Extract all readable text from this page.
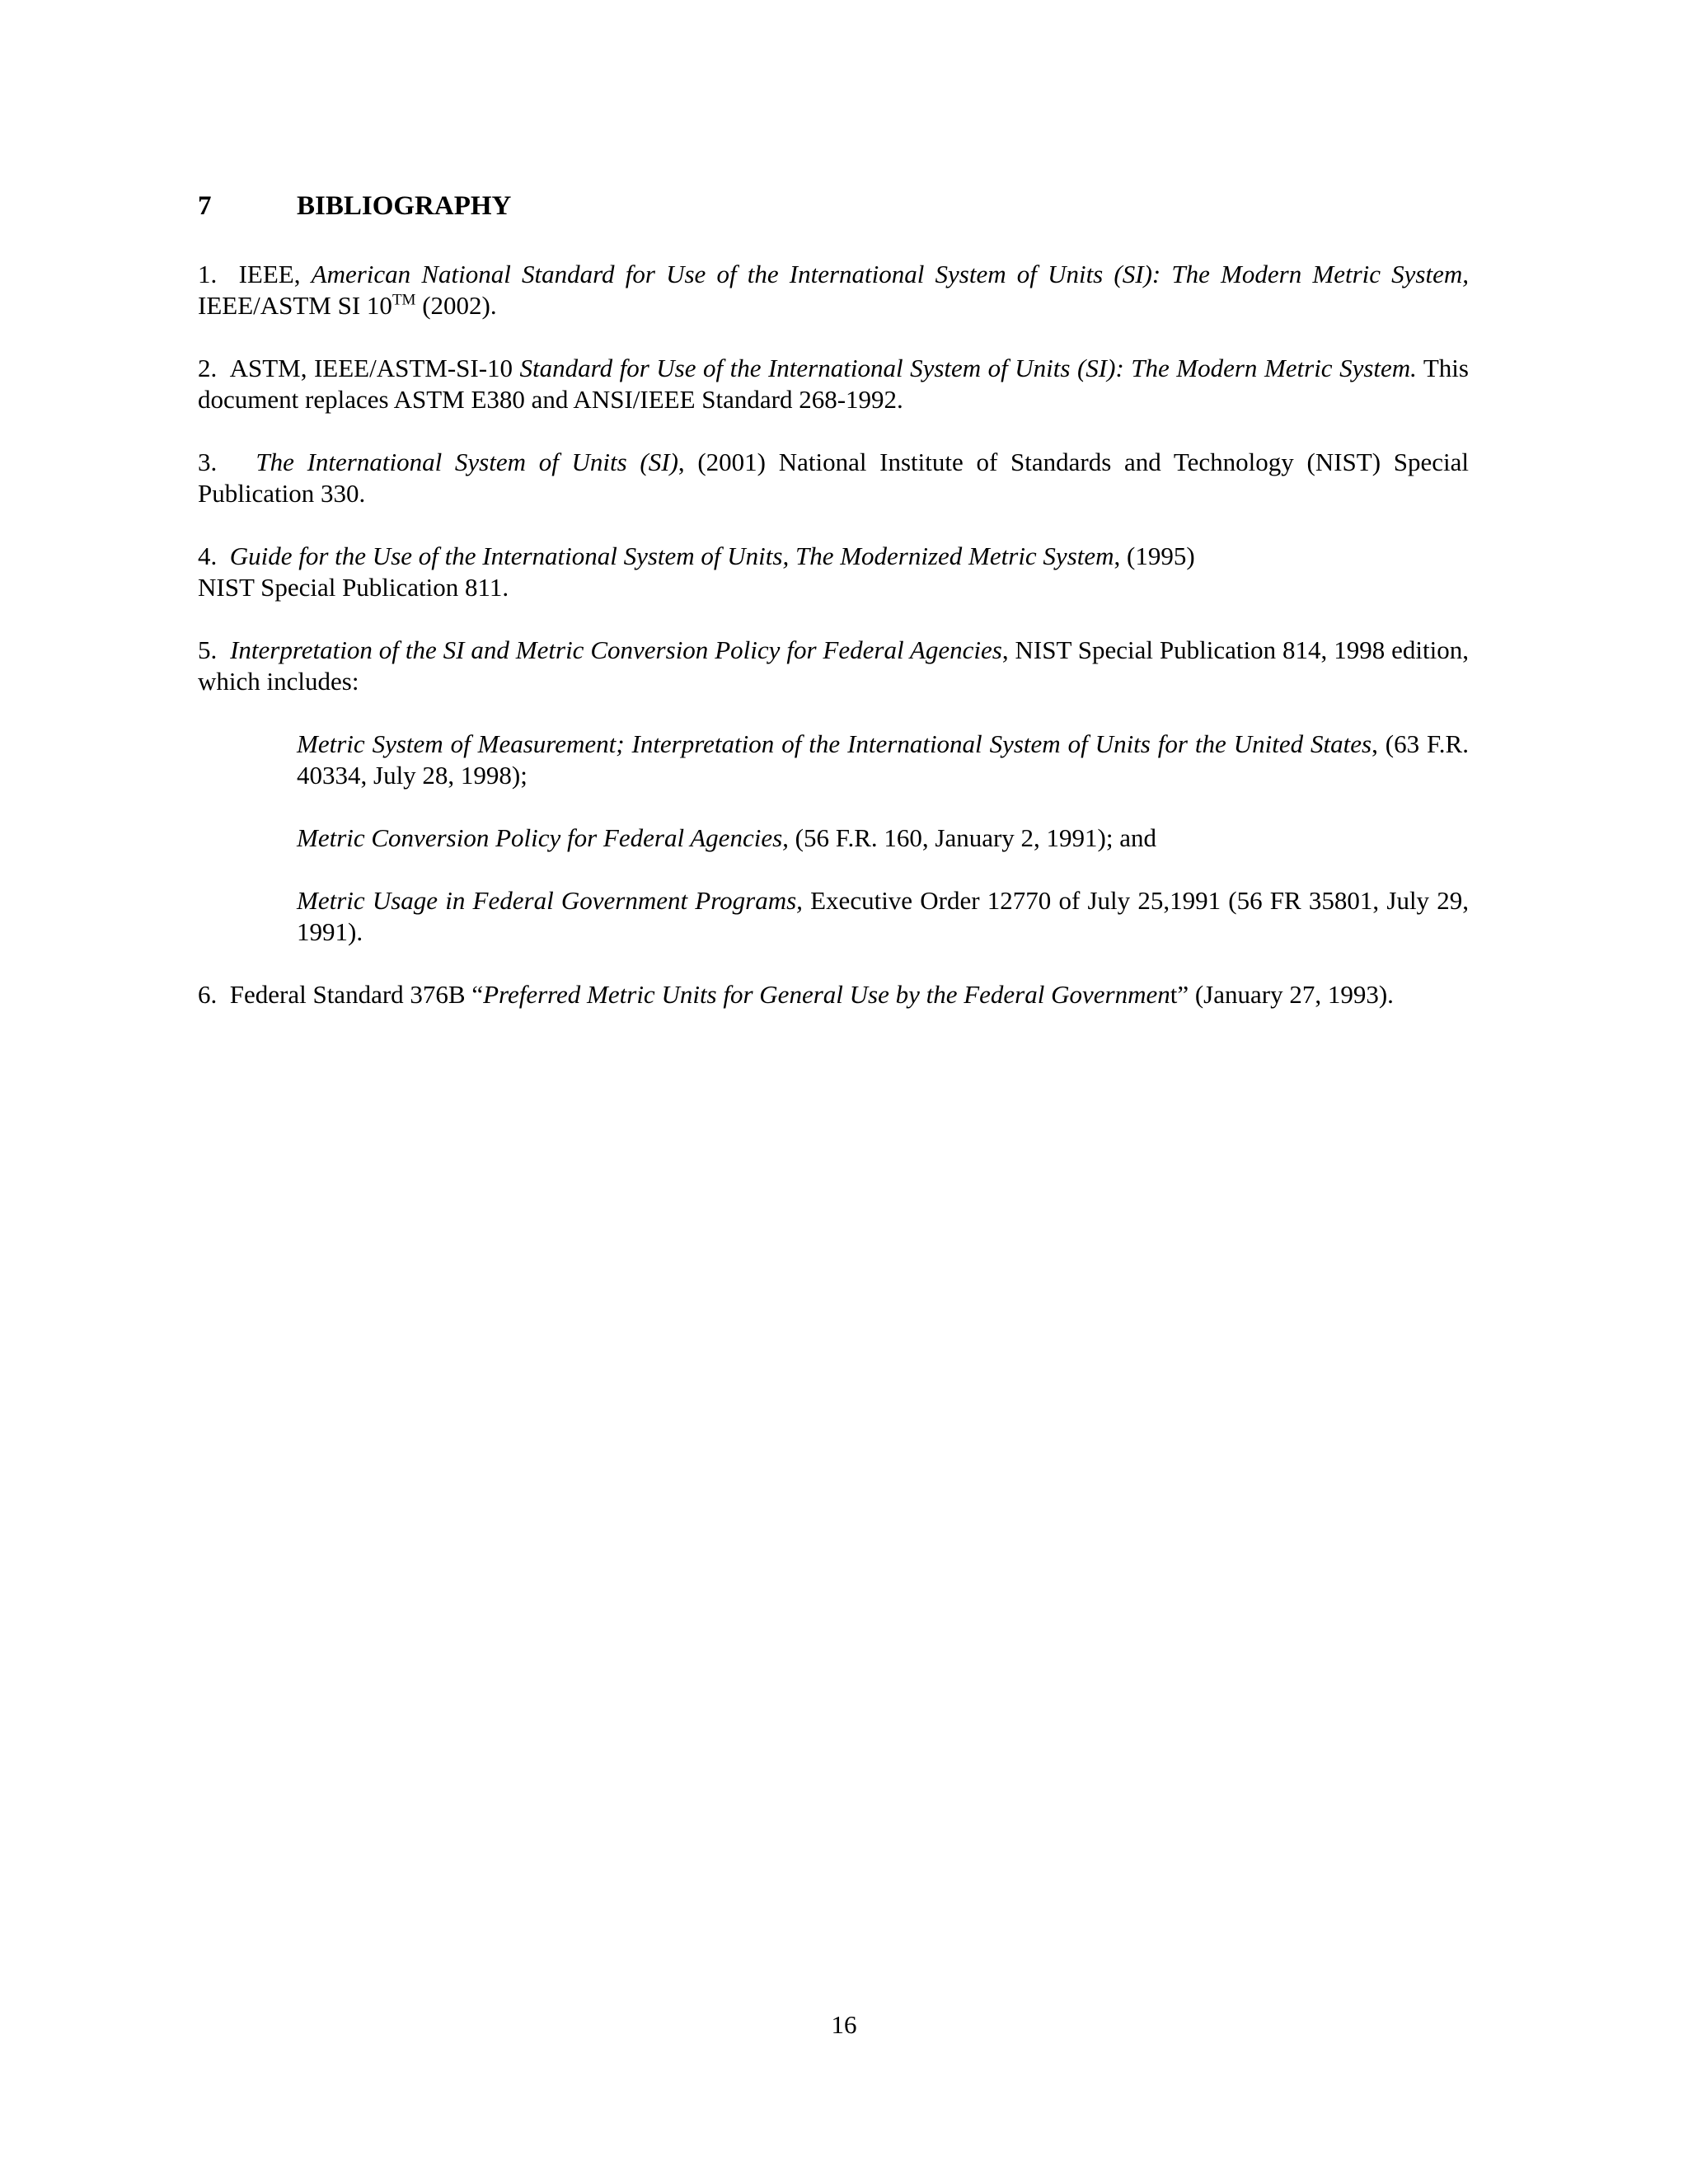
7	BIBLIOGRAPHY
1. IEEE, American National Standard for Use of the International System of Units (SI): The Modern Metric System, IEEE/ASTM SI 10™ (2002).
2. ASTM, IEEE/ASTM-SI-10 Standard for Use of the International System of Units (SI): The Modern Metric System. This document replaces ASTM E380 and ANSI/IEEE Standard 268-1992.
3. The International System of Units (SI), (2001) National Institute of Standards and Technology (NIST) Special Publication 330.
4. Guide for the Use of the International System of Units, The Modernized Metric System, (1995)
NIST Special Publication 811.
5. Interpretation of the SI and Metric Conversion Policy for Federal Agencies, NIST Special Publication 814, 1998 edition, which includes:
Metric System of Measurement; Interpretation of the International System of Units for the United States, (63 F.R. 40334, July 28, 1998);
Metric Conversion Policy for Federal Agencies, (56 F.R. 160, January 2, 1991); and
Metric Usage in Federal Government Programs, Executive Order 12770 of July 25,1991 (56 FR 35801, July 29, 1991).
6. Federal Standard 376B “Preferred Metric Units for General Use by the Federal Government” (January 27, 1993).
16
